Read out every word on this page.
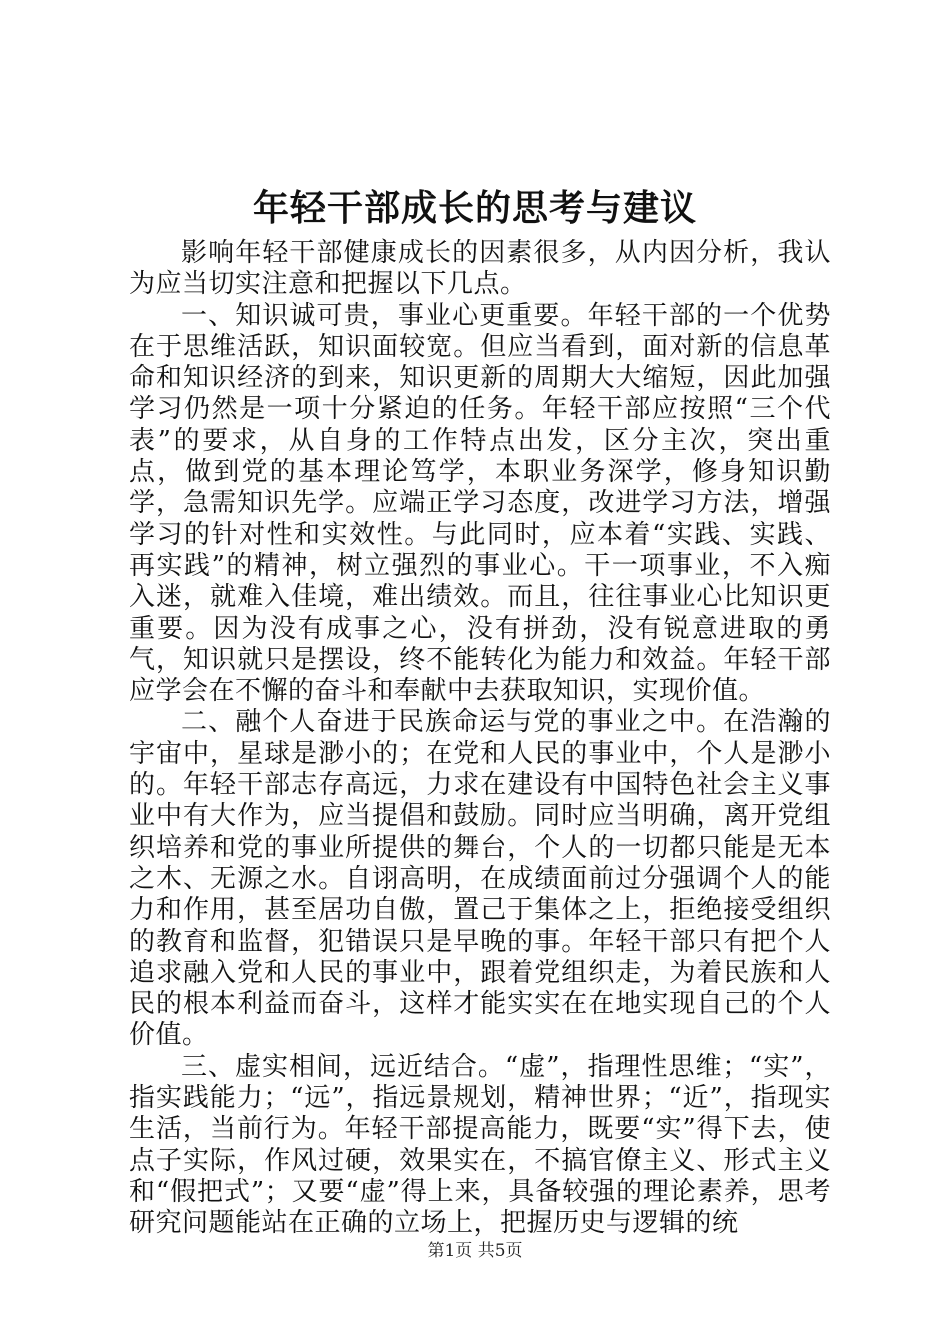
年轻干部成长的思考与建议

影响年轻干部健康成长的因素很多，从内因分析，我认为应当切实注意和把握以下几点。

一、知识诚可贵，事业心更重要。年轻干部的一个优势在于思维活跃，知识面较宽。但应当看到，面对新的信息革命和知识经济的到来，知识更新的周期大大缩短，因此加强学习仍然是一项十分紧迫的任务。年轻干部应按照“三个代表”的要求，从自身的工作特点出发，区分主次，突出重点，做到党的基本理论笃学，本职业务深学，修身知识勤学，急需知识先学。应端正学习态度，改进学习方法，增强学习的针对性和实效性。与此同时，应本着“实践、实践、再实践”的精神，树立强烈的事业心。干一项事业，不入痴入迷，就难入佳境，难出绩效。而且，往往事业心比知识更重要。因为没有成事之心，没有拼劲，没有锐意进取的勇气，知识就只是摆设，终不能转化为能力和效益。年轻干部应学会在不懈的奋斗和奉献中去获取知识，实现价值。

二、融个人奋进于民族命运与党的事业之中。在浩瀚的宇宙中，星球是渺小的；在党和人民的事业中，个人是渺小的。年轻干部志存高远，力求在建设有中国特色社会主义事业中有大作为，应当提倡和鼓励。同时应当明确，离开党组织培养和党的事业所提供的舞台，个人的一切都只能是无本之木、无源之水。自诩高明，在成绩面前过分强调个人的能力和作用，甚至居功自傲，置己于集体之上，拒绝接受组织的教育和监督，犯错误只是早晚的事。年轻干部只有把个人追求融入党和人民的事业中，跟着党组织走，为着民族和人民的根本利益而奋斗，这样才能实实在在地实现自己的个人价值。

三、虚实相间，远近结合。“虚”，指理性思维；“实”，指实践能力；“远”，指远景规划，精神世界；“近”，指现实生活，当前行为。年轻干部提高能力，既要“实”得下去，使点子实际，作风过硬，效果实在，不搞官僚主义、形式主义和“假把式”；又要“虚”得上来，具备较强的理论素养，思考研究问题能站在正确的立场上，把握历史与逻辑的统

第1页 共5页
